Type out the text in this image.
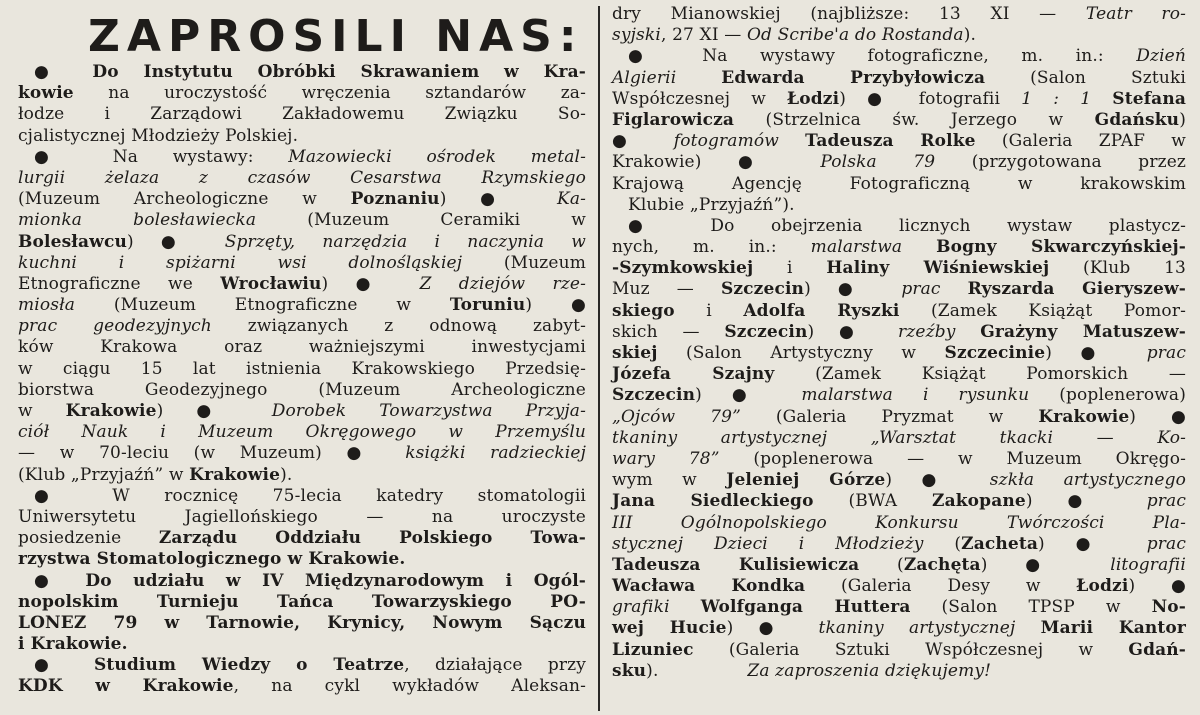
ZAPROSILI NAS:
● Do Instytutu Obróbki Skrawaniem w Kra-
kowie na uroczystość wręczenia sztandarów za-
łodze i Zarządowi Zakładowemu Związku So-
cjalistycznej Młodzieży Polskiej.
● Na wystawy: Mazowiecki ośrodek metal-
lurgii żelaza z czasów Cesarstwa Rzymskiego
(Muzeum Archeologiczne w Poznaniu) ● Ka-
mionka bolesławiecka (Muzeum Ceramiki w
Bolesławcu) ● Sprzęty, narzędzia i naczynia w
kuchni i spiżarni wsi dolnośląskiej (Muzeum
Etnograficzne we Wrocławiu) ● Z dziejów rze-
miosła (Muzeum Etnograficzne w Toruniu) ●
prac geodezyjnych związanych z odnową zabyt-
ków Krakowa oraz ważniejszymi inwestycjami
w ciągu 15 lat istnienia Krakowskiego Przedsię-
biorstwa Geodezyjnego (Muzeum Archeologiczne
w Krakowie) ● Dorobek Towarzystwa Przyja-
ciół Nauk i Muzeum Okręgowego w Przemyślu
— w 70-leciu (w Muzeum) ● książki radzieckiej
(Klub „Przyjaźń” w Krakowie).
● W rocznicę 75-lecia katedry stomatologii
Uniwersytetu Jagiellońskiego — na uroczyste
posiedzenie Zarządu Oddziału Polskiego Towa-
rzystwa Stomatologicznego w Krakowie.
● Do udziału w IV Międzynarodowym i Ogól-
nopolskim Turnieju Tańca Towarzyskiego PO-
LONEZ 79 w Tarnowie, Krynicy, Nowym Sączu
i Krakowie.
● Studium Wiedzy o Teatrze, działające przy
KDK w Krakowie, na cykl wykładów Aleksan-
dry Mianowskiej (najbliższe: 13 XI — Teatr ro-
syjski, 27 XI — Od Scribe'a do Rostanda).
● Na wystawy fotograficzne, m. in.: Dzień
Algierii	Edwarda Przybyłowicza (Salon Sztuki
Współczesnej w Łodzi) ● fotografii 1 : 1 Stefana
Figlarowicza (Strzelnica św. Jerzego w Gdańsku)
● fotogramów Tadeusza Rolke (Galeria ZPAF w
Krakowie) ● Polska 79 (przygotowana przez
Krajową Agencję Fotograficzną w krakowskim
Klubie „Przyjaźń”).
● Do obejrzenia licznych wystaw plastycz-
nych, m. in.: malarstwa Bogny Skwarczyńskiej-
-Szymkowskiej i Haliny Wiśniewskiej (Klub 13
Muz — Szczecin) ● prac Ryszarda Gieryszew-
skiego i Adolfa Ryszki (Zamek Książąt Pomor-
skich — Szczecin) ● rzeźby Grażyny Matuszew-
skiej (Salon Artystyczny w Szczecinie) ● prac
Józefa Szajny (Zamek Książąt Pomorskich —
Szczecin) ● malarstwa i rysunku (poplenerowa)
„Ojców 79” (Galeria Pryzmat w Krakowie) ●
tkaniny artystycznej „Warsztat tkacki — Ko-
wary 78” (poplenerowa — w Muzeum Okręgo-
wym w Jeleniej Górze) ● szkła artystycznego
Jana Siedleckiego (BWA Zakopane) ● prac
III Ogólnopolskiego Konkursu Twórczości Pla-
stycznej Dzieci i Młodzieży (Zacheta) ● prac
Tadeusza Kulisiewicza (Zachęta) ● litografii
Wacława Kondka (Galeria Desy w Łodzi) ●
grafiki Wolfganga Huttera (Salon TPSP w No-
wej Hucie) ● tkaniny artystycznej Marii Kantor
Lizuniec (Galeria Sztuki Współczesnej w Gdań-
sku).                Za zaproszenia dziękujemy!
